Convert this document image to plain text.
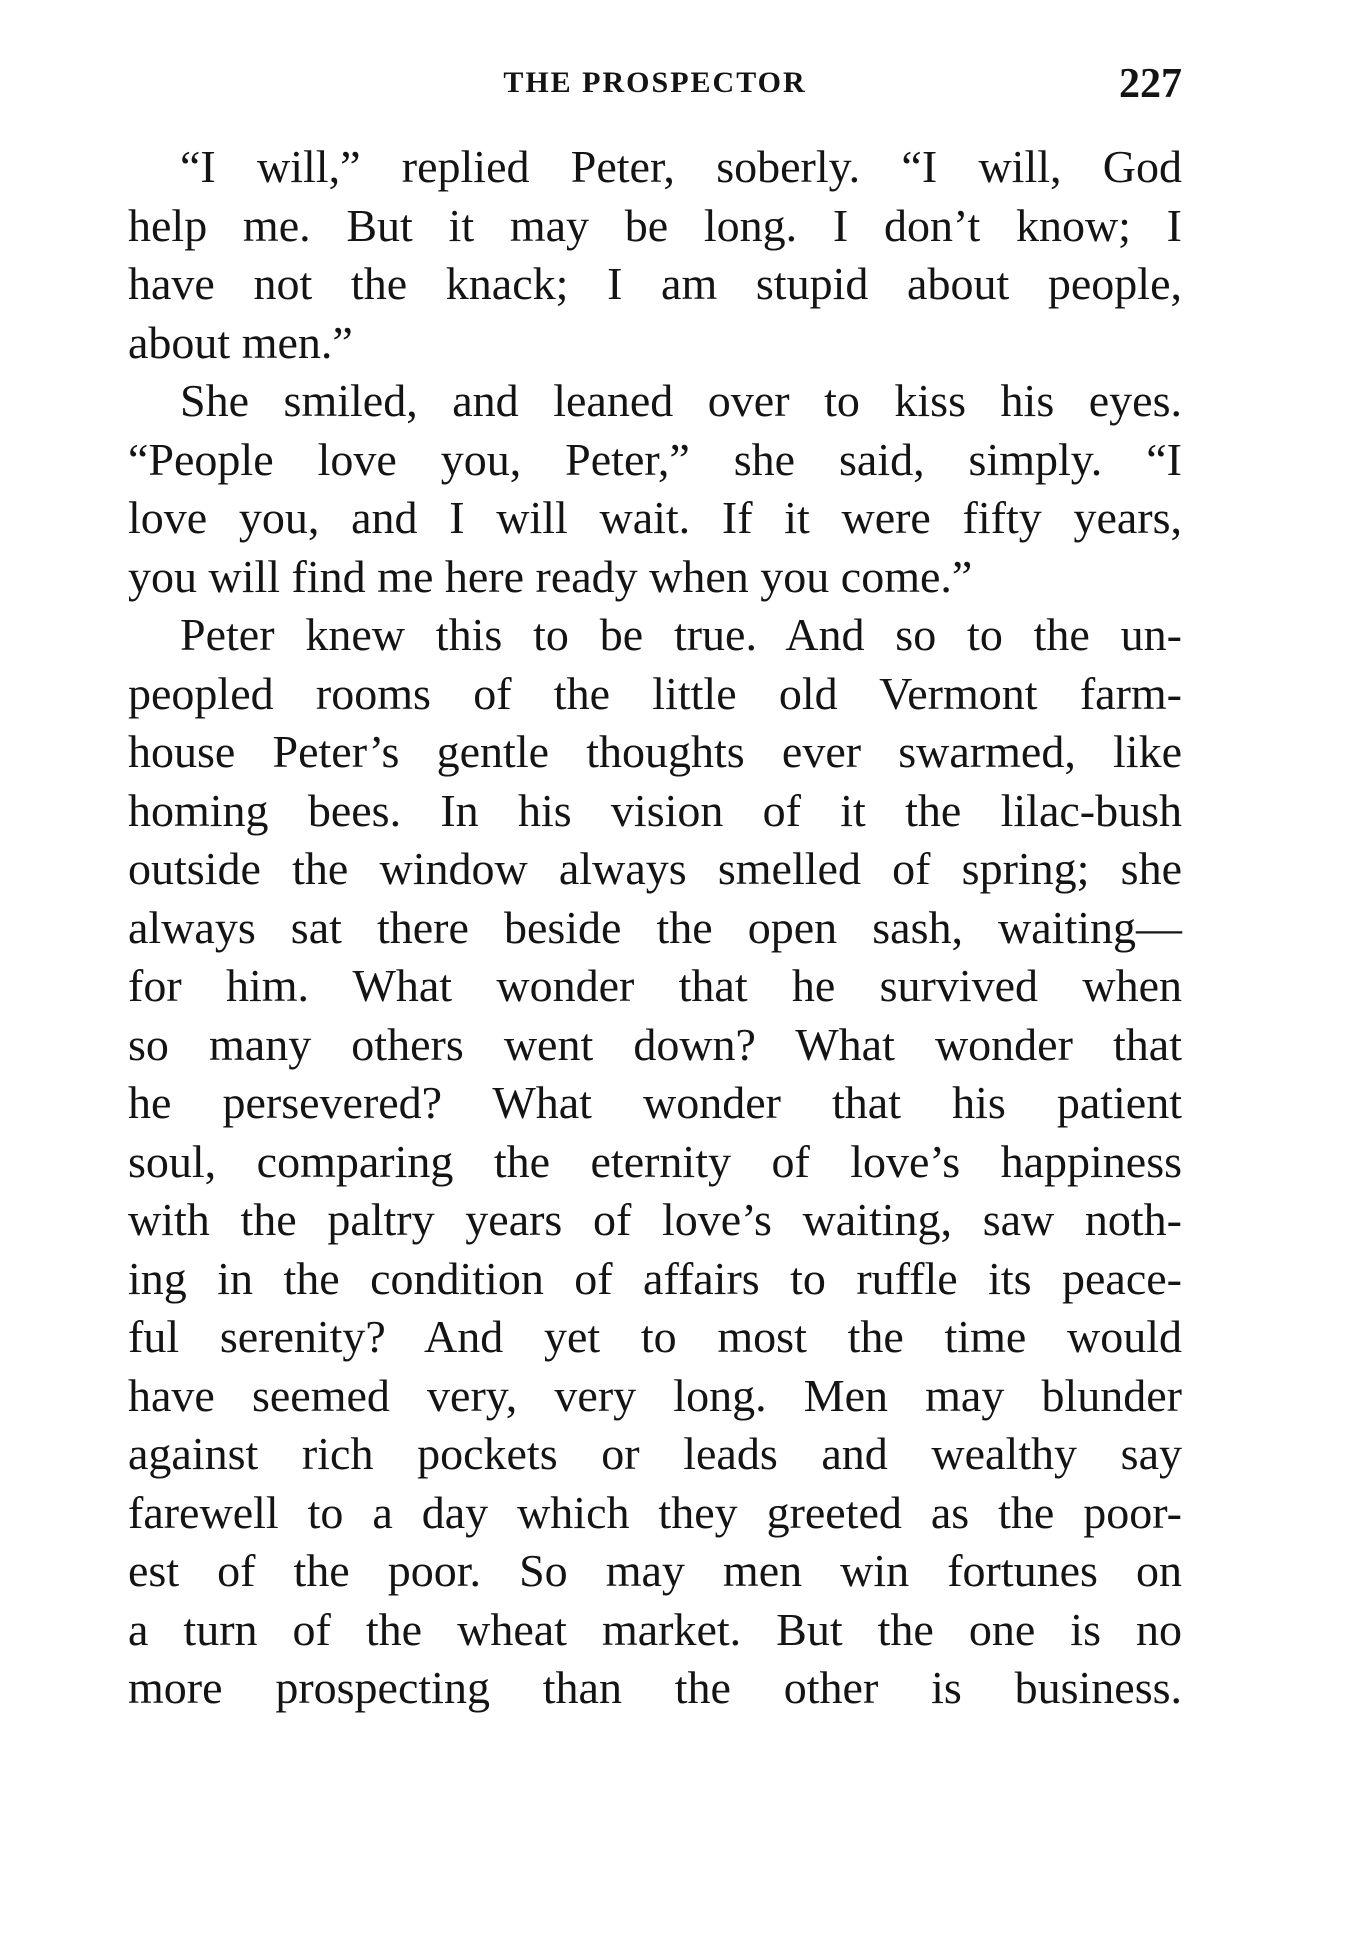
THE PROSPECTOR	227
“I will,” replied Peter, soberly. “I will, God
help me. But it may be long. I don’t know; I
have not the knack; I am stupid about people,
about men.”
She smiled, and leaned over to kiss his eyes.
“People love you, Peter,” she said, simply. “I
love you, and I will wait. If it were fifty years,
you will find me here ready when you come.”
Peter knew this to be true. And so to the un-
peopled rooms of the little old Vermont farm-
house Peter’s gentle thoughts ever swarmed, like
homing bees. In his vision of it the lilac-bush
outside the window always smelled of spring; she
always sat there beside the open sash, waiting—
for him. What wonder that he survived when
so many others went down? What wonder that
he persevered? What wonder that his patient
soul, comparing the eternity of love’s happiness
with the paltry years of love’s waiting, saw noth-
ing in the condition of affairs to ruffle its peace-
ful serenity? And yet to most the time would
have seemed very, very long. Men may blunder
against rich pockets or leads and wealthy say
farewell to a day which they greeted as the poor-
est of the poor. So may men win fortunes on
a turn of the wheat market. But the one is no
more prospecting than the other is business.
